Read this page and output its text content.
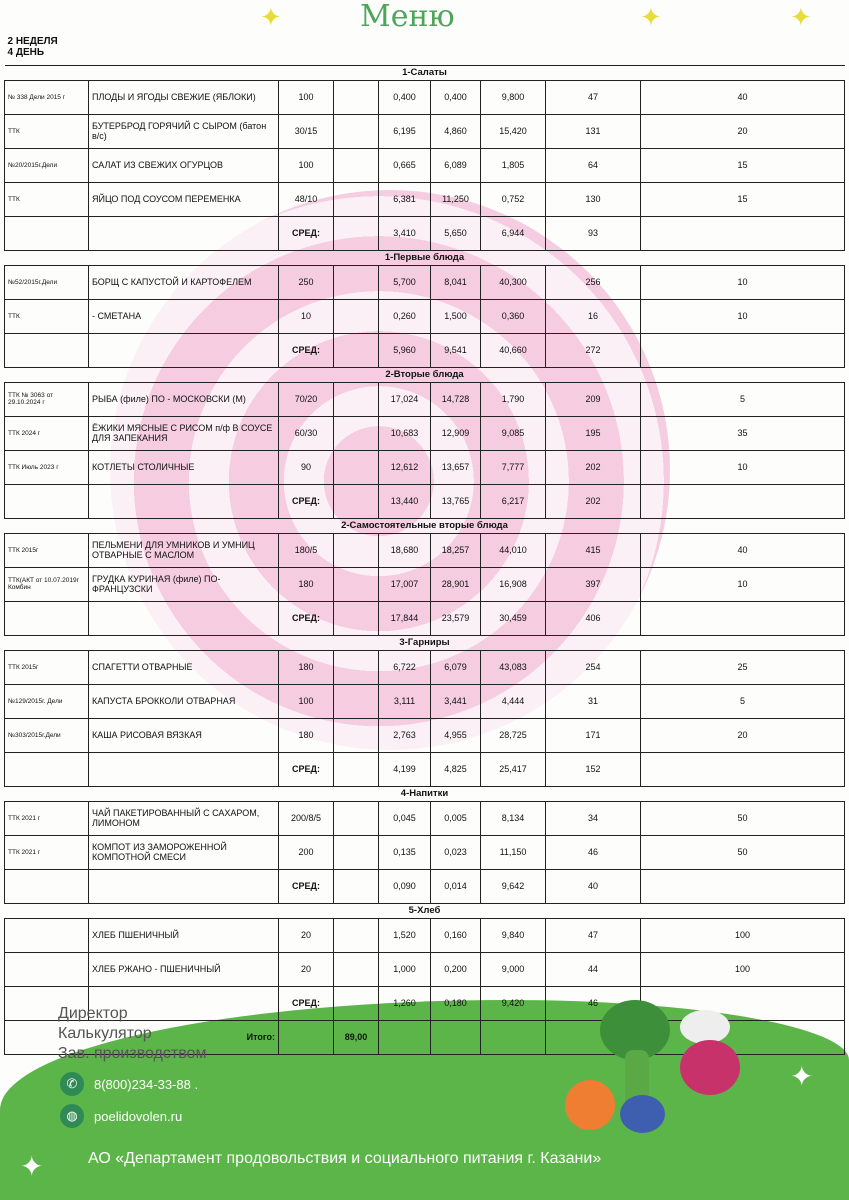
✦	✦	✦
2 НЕДЕЛЯ
4 ДЕНЬ								

1-Салаты								
№ 338 Дели 2015 г	ПЛОДЫ И ЯГОДЫ СВЕЖИЕ (ЯБЛОКИ)	100		0,400	0,400	9,800	47	40
ТТК	БУТЕРБРОД ГОРЯЧИЙ С СЫРОМ (батон в/с)	30/15		6,195	4,860	15,420	131	20
№20/2015г.Дели	САЛАТ ИЗ СВЕЖИХ ОГУРЦОВ	100		0,665	6,089	1,805	64	15
ТТК	ЯЙЦО ПОД СОУСОМ ПЕРЕМЕНКА	48/10		6,381	11,250	0,752	130	15
		СРЕД:		3,410	5,650	6,944	93	
1-Первые блюда								
№52/2015г.Дели	БОРЩ С КАПУСТОЙ И КАРТОФЕЛЕМ	250		5,700	8,041	40,300	256	10
ТТК	- СМЕТАНА	10		0,260	1,500	0,360	16	10
		СРЕД:		5,960	9,541	40,660	272	
2-Вторые блюда								
ТТК № 3063 от 29.10.2024 г	РЫБА (филе) ПО - МОСКОВСКИ (М)	70/20		17,024	14,728	1,790	209	5
ТТК 2024 г	ЁЖИКИ МЯСНЫЕ С РИСОМ п/ф В СОУСЕ ДЛЯ ЗАПЕКАНИЯ	60/30		10,683	12,909	9,085	195	35
ТТК Июль 2023 г	КОТЛЕТЫ СТОЛИЧНЫЕ	90		12,612	13,657	7,777	202	10
		СРЕД:		13,440	13,765	6,217	202	
2-Самостоятельные вторые блюда								
ТТК 2015г	ПЕЛЬМЕНИ ДЛЯ УМНИКОВ И УМНИЦ ОТВАРНЫЕ С МАСЛОМ	180/5		18,680	18,257	44,010	415	40
ТТК(АКТ от 10.07.2019г Комбин	ГРУДКА КУРИНАЯ (филе) ПО-ФРАНЦУЗСКИ	180		17,007	28,901	16,908	397	10
		СРЕД:		17,844	23,579	30,459	406	
3-Гарниры								
ТТК 2015г	СПАГЕТТИ ОТВАРНЫЕ	180		6,722	6,079	43,083	254	25
№129/2015г. Дели	КАПУСТА БРОККОЛИ ОТВАРНАЯ	100		3,111	3,441	4,444	31	5
№303/2015г.Дели	КАША РИСОВАЯ ВЯЗКАЯ	180		2,763	4,955	28,725	171	20
		СРЕД:		4,199	4,825	25,417	152	
4-Напитки								
ТТК 2021 г	ЧАЙ ПАКЕТИРОВАННЫЙ С САХАРОМ, ЛИМОНОМ	200/8/5		0,045	0,005	8,134	34	50
ТТК 2021 г	КОМПОТ ИЗ ЗАМОРОЖЕННОЙ КОМПОТНОЙ СМЕСИ	200		0,135	0,023	11,150	46	50
		СРЕД:		0,090	0,014	9,642	40	
5-Хлеб								
	ХЛЕБ ПШЕНИЧНЫЙ	20		1,520	0,160	9,840	47	100
	ХЛЕБ РЖАНО - ПШЕНИЧНЫЙ	20		1,000	0,200	9,000	44	100
		СРЕД:		1,260	0,180	9,420	46	
Итого:			89,00					
Меню
Директор
Калькулятор
Зав. производством
✆	8(800)234-33-88 .
◍	poelidovolen.ru
АО «Департамент продовольствия и социального питания г. Казани»
✦
✦
